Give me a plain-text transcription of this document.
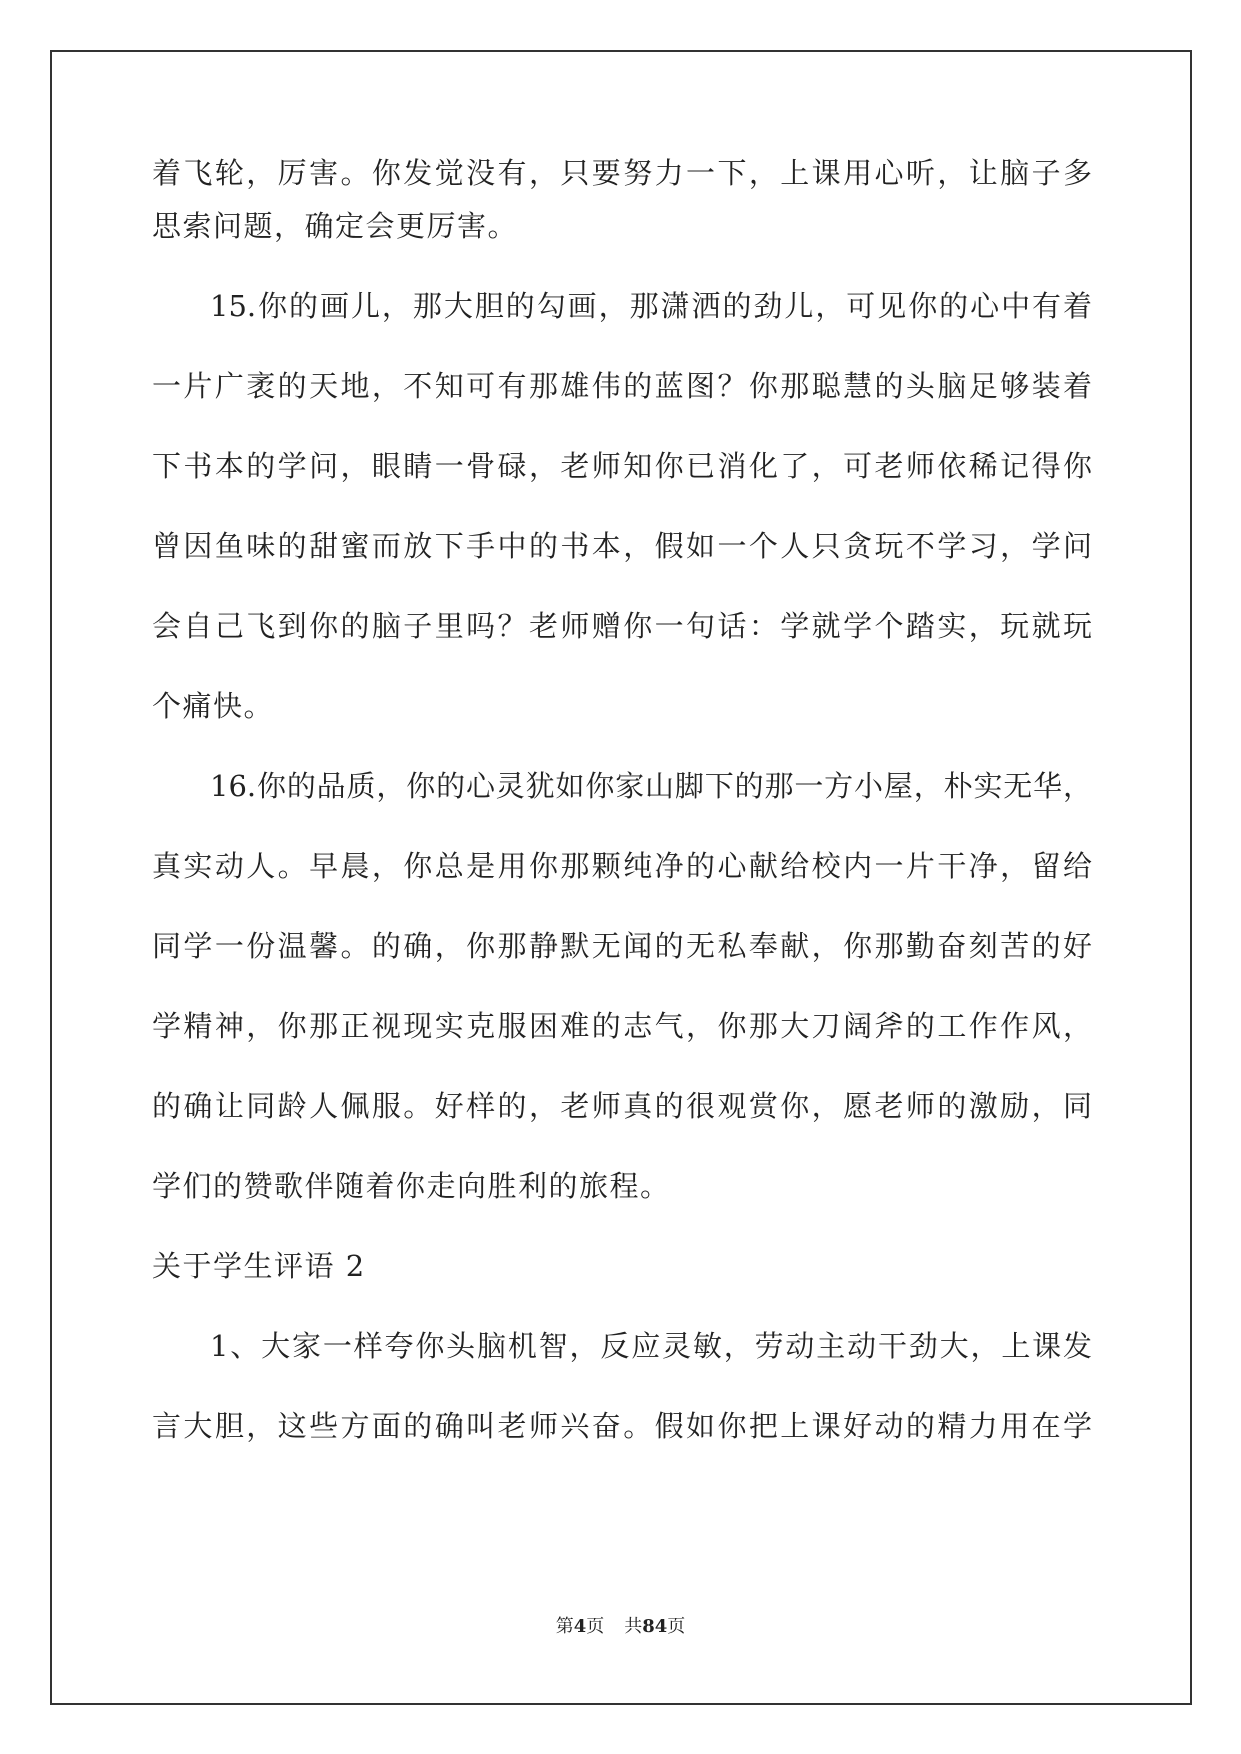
着飞轮，厉害。你发觉没有，只要努力一下，上课用心听，让脑子多
思索问题，确定会更厉害。
15.你的画儿，那大胆的勾画，那潇洒的劲儿，可见你的心中有着
一片广袤的天地，不知可有那雄伟的蓝图？你那聪慧的头脑足够装着
下书本的学问，眼睛一骨碌，老师知你已消化了，可老师依稀记得你
曾因鱼味的甜蜜而放下手中的书本，假如一个人只贪玩不学习，学问
会自己飞到你的脑子里吗？老师赠你一句话：学就学个踏实，玩就玩
个痛快。
16.你的品质，你的心灵犹如你家山脚下的那一方小屋，朴实无华，
真实动人。早晨，你总是用你那颗纯净的心献给校内一片干净，留给
同学一份温馨。的确，你那静默无闻的无私奉献，你那勤奋刻苦的好
学精神，你那正视现实克服困难的志气，你那大刀阔斧的工作作风，
的确让同龄人佩服。好样的，老师真的很观赏你，愿老师的激励，同
学们的赞歌伴随着你走向胜利的旅程。
关于学生评语 2
1、大家一样夸你头脑机智，反应灵敏，劳动主动干劲大，上课发
言大胆，这些方面的确叫老师兴奋。假如你把上课好动的精力用在学
第4页 共84页
